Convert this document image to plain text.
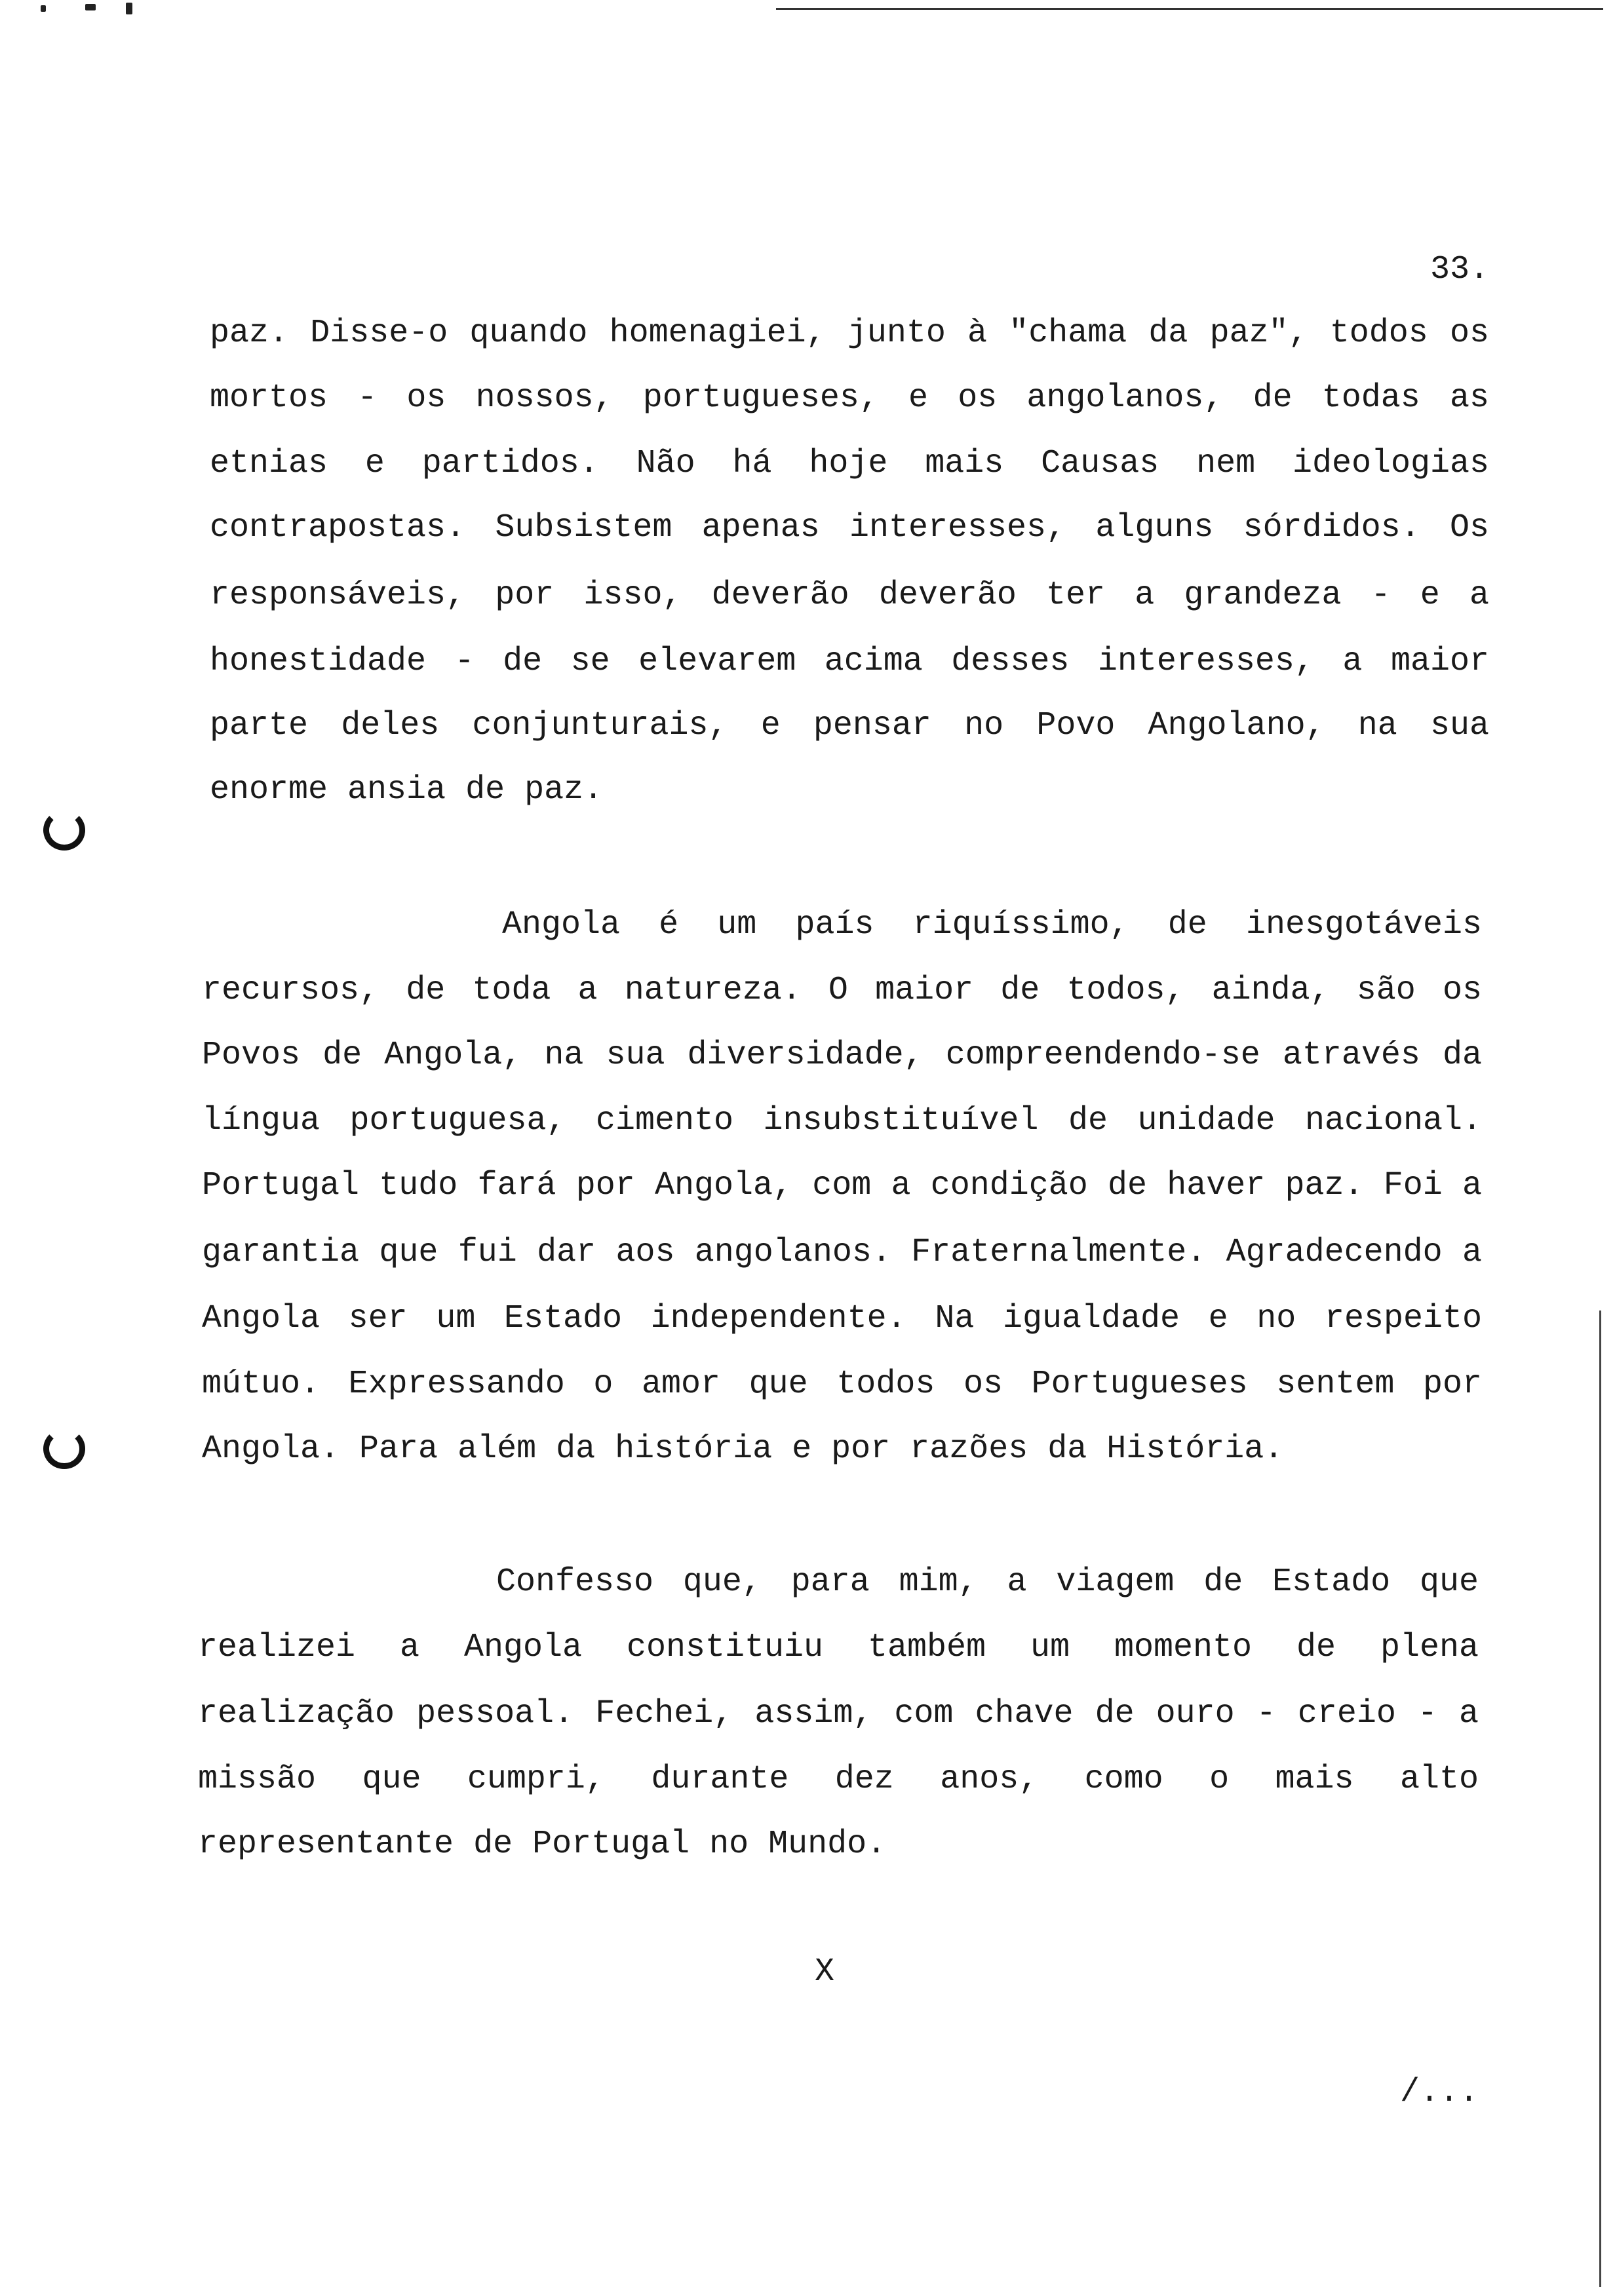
33.
paz. Disse-o quando homenagiei, junto à "chama da paz", todos os
mortos - os nossos, portugueses, e os angolanos, de todas as
etnias e partidos. Não há hoje mais Causas nem ideologias
contrapostas. Subsistem apenas interesses, alguns sórdidos. Os
responsáveis, por isso, deverão deverão ter a grandeza - e a
honestidade - de se elevarem acima desses interesses, a maior
parte deles conjunturais, e pensar no Povo Angolano, na sua
enorme ansia de paz.
Angola é um país riquíssimo, de inesgotáveis
recursos, de toda a natureza. O maior de todos, ainda, são os
Povos de Angola, na sua diversidade, compreendendo-se através da
língua portuguesa, cimento insubstituível de unidade nacional.
Portugal tudo fará por Angola, com a condição de haver paz. Foi a
garantia que fui dar aos angolanos. Fraternalmente. Agradecendo a
Angola ser um Estado independente. Na igualdade e no respeito
mútuo. Expressando o amor que todos os Portugueses sentem por
Angola. Para além da história e por razões da História.
Confesso que, para mim, a viagem de Estado que
realizei a Angola constituiu também um momento de plena
realização pessoal. Fechei, assim, com chave de ouro - creio - a
missão que cumpri, durante dez anos, como o mais alto
representante de Portugal no Mundo.
X
/...
